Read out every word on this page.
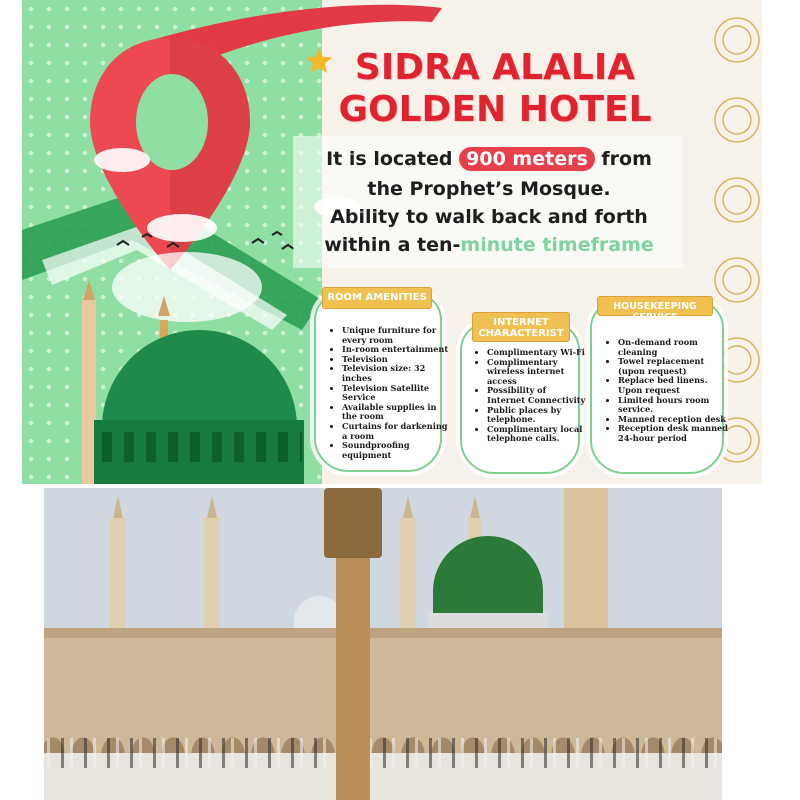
SIDRA ALALIA
GOLDEN HOTEL
It is located 900 meters from
the Prophet’s Mosque.
Ability to walk back and forth
within a ten-minute timeframe
ROOM AMENITIES
• Unique furniture for every room
• In-room entertainment
• Television
• Television size: 32 inches
• Television Satellite Service
• Available supplies in the room
• Curtains for darkening a room
• Soundproofing equipment
INTERNET
CHARACTERIST
• Complimentary Wi-Fi
• Complimentary wireless internet access
• Possibility of Internet Connectivity
• Public places by telephone.
• Complimentary local telephone calls.
HOUSEKEEPING SERVICE
• On-demand room cleaning
• Towel replacement (upon request)
• Replace bed linens. Upon request
• Limited hours room service.
• Manned reception desk
• Reception desk manned 24-hour period
